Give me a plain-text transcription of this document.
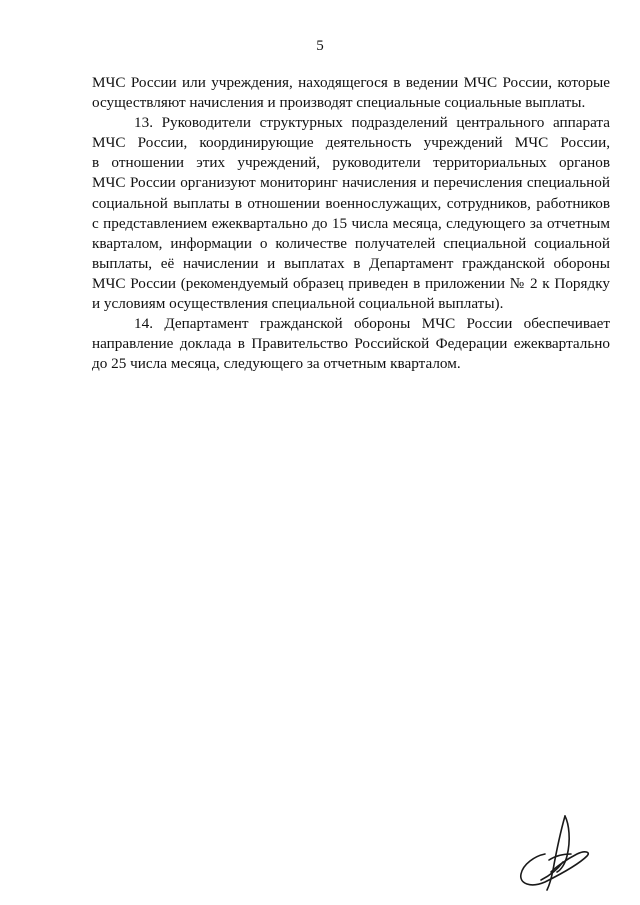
5
МЧС России или учреждения, находящегося в ведении МЧС России, которые
осуществляют начисления и производят специальные социальные выплаты.
13. Руководители структурных подразделений центрального аппарата
МЧС России, координирующие деятельность учреждений МЧС России,
в отношении этих учреждений, руководители территориальных органов
МЧС России организуют мониторинг начисления и перечисления специальной
социальной выплаты в отношении военнослужащих, сотрудников, работников
с представлением ежеквартально до 15 числа месяца, следующего за отчетным
кварталом, информации о количестве получателей специальной социальной
выплаты, её начислении и выплатах в Департамент гражданской обороны
МЧС России (рекомендуемый образец приведен в приложении № 2 к Порядку
и условиям осуществления специальной социальной выплаты).
14. Департамент гражданской обороны МЧС России обеспечивает
направление доклада в Правительство Российской Федерации ежеквартально
до 25 числа месяца, следующего за отчетным кварталом.
